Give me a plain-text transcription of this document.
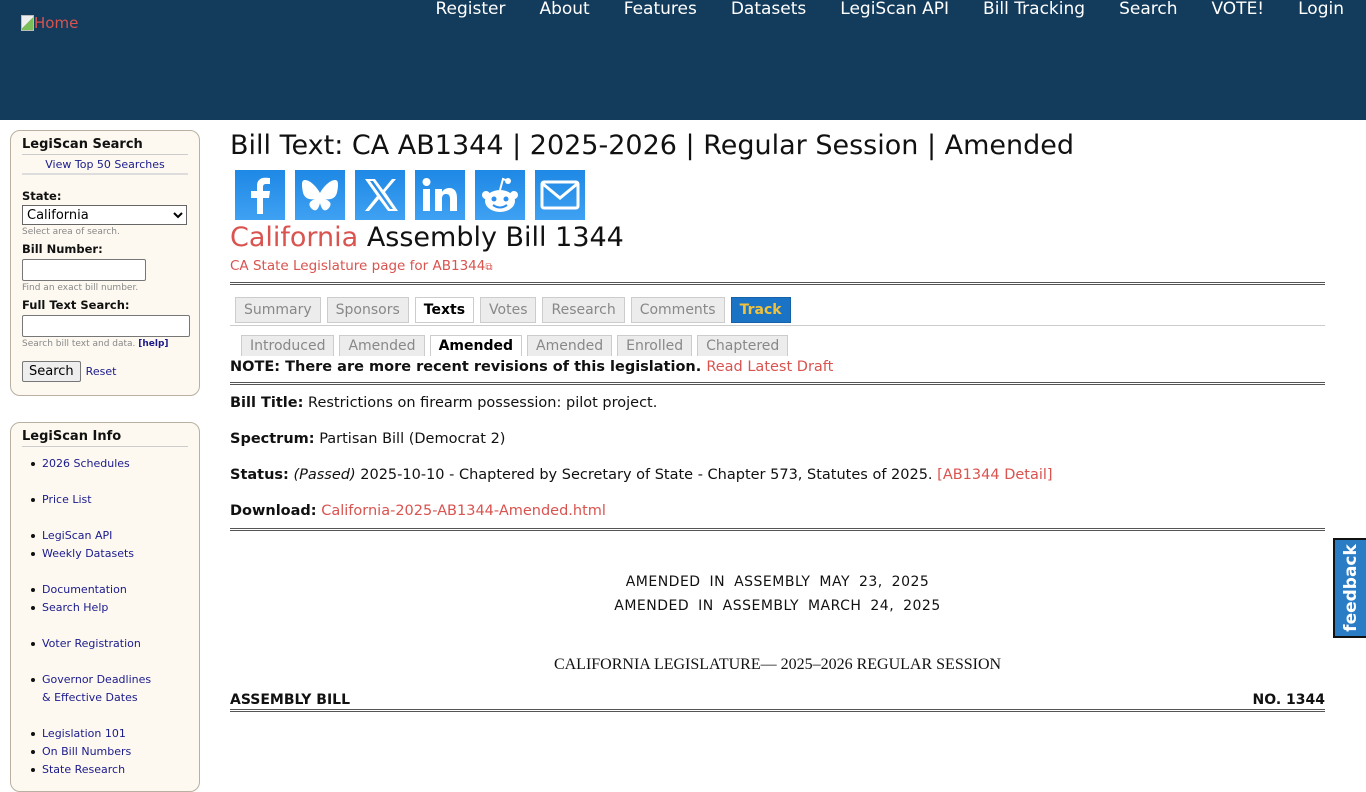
Home
Register About Features Datasets LegiScan API Bill Tracking Search VOTE! Login
LegiScan Search
View Top 50 Searches
State:
California
Select area of search.
Bill Number:
Find an exact bill number.
Full Text Search:
Search bill text and data. [help]
Search	Reset
LegiScan Info
2026 Schedules
Price List
LegiScan API
Weekly Datasets
Documentation
Search Help
Voter Registration
Governor Deadlines & Effective Dates
Legislation 101
On Bill Numbers
State Research
Bill Text: CA AB1344 | 2025-2026 | Regular Session | Amended
California Assembly Bill 1344
CA State Legislature page for AB1344⧉
Summary	Sponsors	Texts	Votes	Research	Comments	Track
Introduced	Amended	Amended	Amended	Enrolled	Chaptered
NOTE: There are more recent revisions of this legislation. Read Latest Draft
Bill Title: Restrictions on firearm possession: pilot project.
Spectrum: Partisan Bill (Democrat 2)
Status: (Passed) 2025-10-10 - Chaptered by Secretary of State - Chapter 573, Statutes of 2025. [AB1344 Detail]
Download: California-2025-AB1344-Amended.html
AMENDED IN ASSEMBLY MAY 23, 2025
AMENDED IN ASSEMBLY MARCH 24, 2025
CALIFORNIA LEGISLATURE— 2025–2026 REGULAR SESSION
ASSEMBLY BILL	NO. 1344
feedback
